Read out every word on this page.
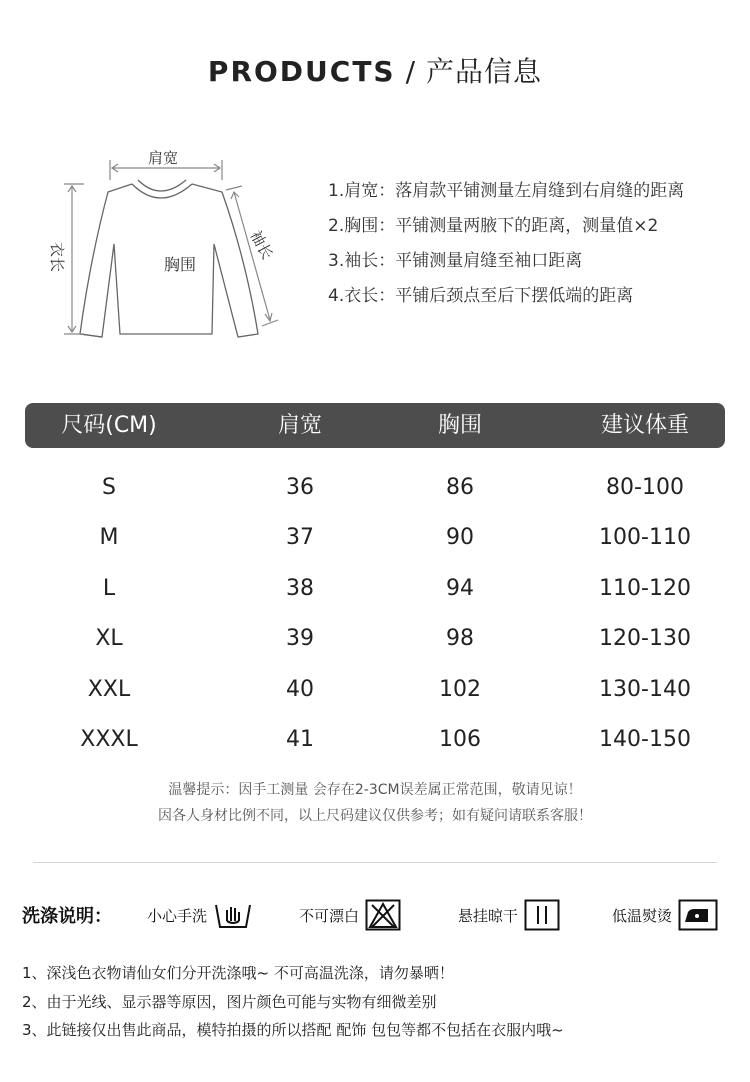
PRODUCTS / 产品信息
肩宽
胸围
衣长	袖长
1.肩宽：落肩款平铺测量左肩缝到右肩缝的距离
2.胸围：平铺测量两腋下的距离，测量值×2
3.袖长：平铺测量肩缝至袖口距离
4.衣长：平铺后颈点至后下摆低端的距离
尺码(CM)	肩宽	胸围	建议体重
S	36	86	80-100
M	37	90	100-110
L	38	94	110-120
XL	39	98	120-130
XXL	40	102	130-140
XXXL	41	106	140-150
温馨提示：因手工测量 会存在2-3CM误差属正常范围，敬请见谅！
因各人身材比例不同，以上尺码建议仅供参考；如有疑问请联系客服！
洗涤说明： 小心手洗	不可漂白	悬挂晾干	低温熨烫
1、深浅色衣物请仙女们分开洗涤哦~ 不可高温洗涤，请勿暴晒！
2、由于光线、显示器等原因，图片颜色可能与实物有细微差别
3、此链接仅出售此商品，模特拍摄的所以搭配 配饰 包包等都不包括在衣服内哦~
